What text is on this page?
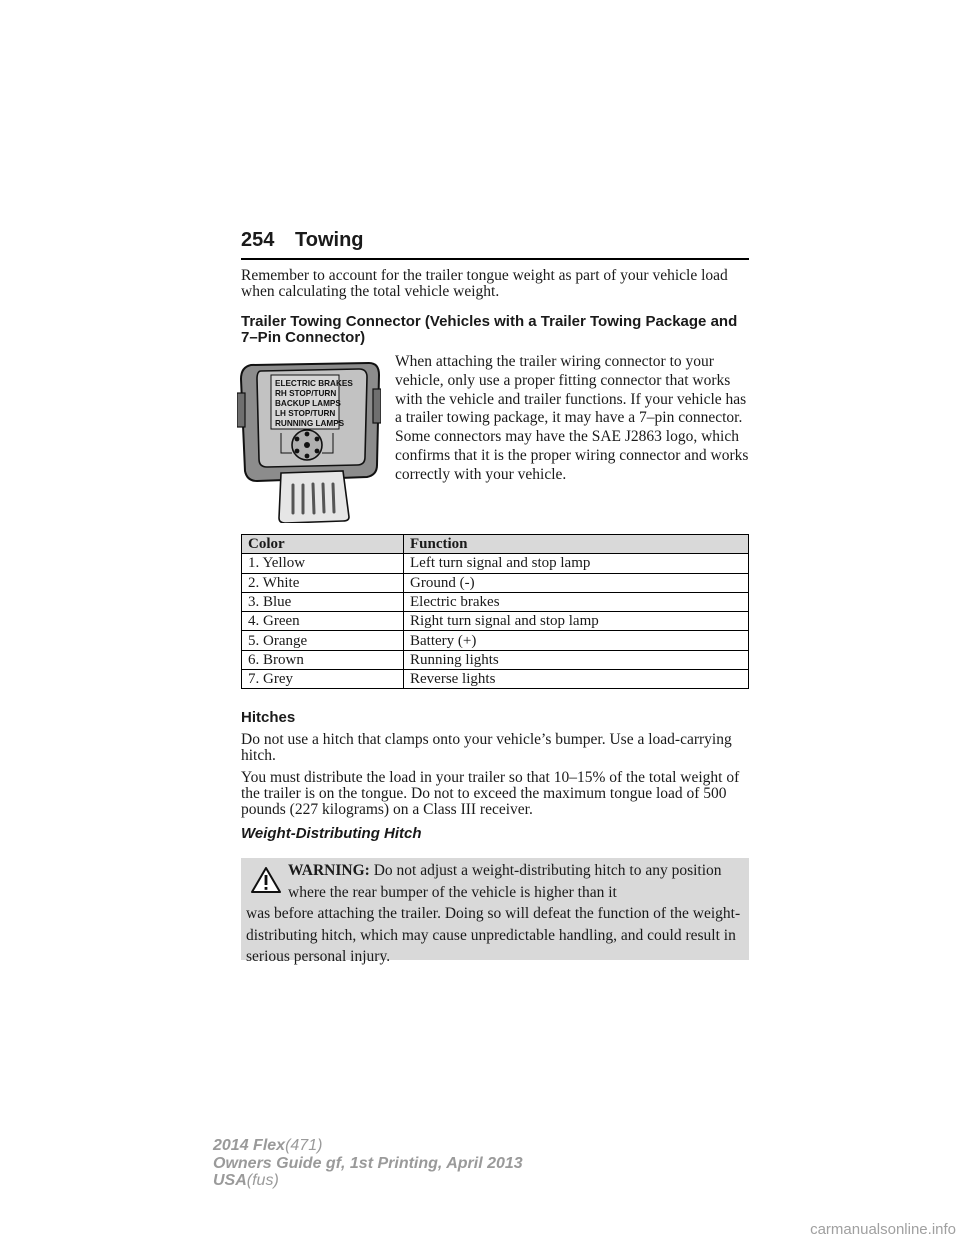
254 Towing

Remember to account for the trailer tongue weight as part of your vehicle load when calculating the total vehicle weight.

Trailer Towing Connector (Vehicles with a Trailer Towing Package and 7–Pin Connector)
ELECTRIC BRAKES
RH STOP/TURN
BACKUP LAMPS
LH STOP/TURN
RUNNING LAMPS

When attaching the trailer wiring connector to your vehicle, only use a proper fitting connector that works with the vehicle and trailer functions. If your vehicle has a trailer towing package, it may have a 7–pin connector. Some connectors may have the SAE J2863 logo, which confirms that it is the proper wiring connector and works correctly with your vehicle.

Color	Function
1. Yellow	Left turn signal and stop lamp
2. White	Ground (-)
3. Blue	Electric brakes
4. Green	Right turn signal and stop lamp
5. Orange	Battery (+)
6. Brown	Running lights
7. Grey	Reverse lights
Hitches

Do not use a hitch that clamps onto your vehicle’s bumper. Use a load-carrying hitch.

You must distribute the load in your trailer so that 10–15% of the total weight of the trailer is on the tongue. Do not to exceed the maximum tongue load of 500 pounds (227 kilograms) on a Class III receiver.

Weight-Distributing Hitch

WARNING: Do not adjust a weight-distributing hitch to any position where the rear bumper of the vehicle is higher than it
was before attaching the trailer. Doing so will defeat the function of the weight-distributing hitch, which may cause unpredictable handling, and could result in serious personal injury.

2014 Flex(471)
Owners Guide gf, 1st Printing, April 2013
USA(fus)
carmanualsonline.info
